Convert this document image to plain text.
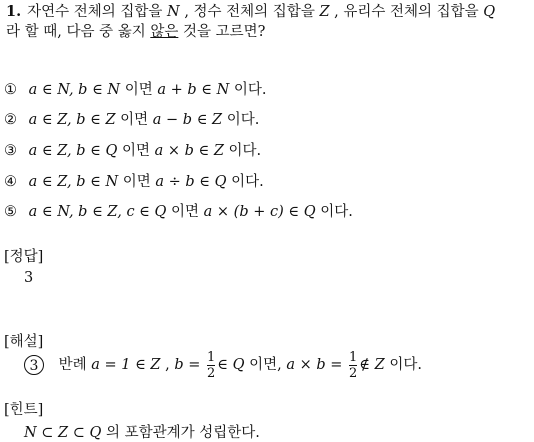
1. 자연수 전체의 집합을 N , 정수 전체의 집합을 Z , 유리수 전체의 집합을 Q
라 할 때, 다음 중 옳지 않은 것을 고르면?
① a ∈ N, b ∈ N 이면 a + b ∈ N 이다.
② a ∈ Z, b ∈ Z 이면 a − b ∈ Z 이다.
③ a ∈ Z, b ∈ Q 이면 a × b ∈ Z 이다.
④ a ∈ Z, b ∈ N 이면 a ÷ b ∈ Q 이다.
⑤ a ∈ N, b ∈ Z, c ∈ Q 이면 a × (b + c) ∈ Q 이다.
[정답]
3
[해설]
3 반례 a = 1 ∈ Z , $b = \frac{1}{2}$ ∈ Q 이면, $a \times b = \frac{1}{2}$ ∉ Z 이다.
[힌트]
N ⊂ Z ⊂ Q 의 포함관계가 성립한다.
